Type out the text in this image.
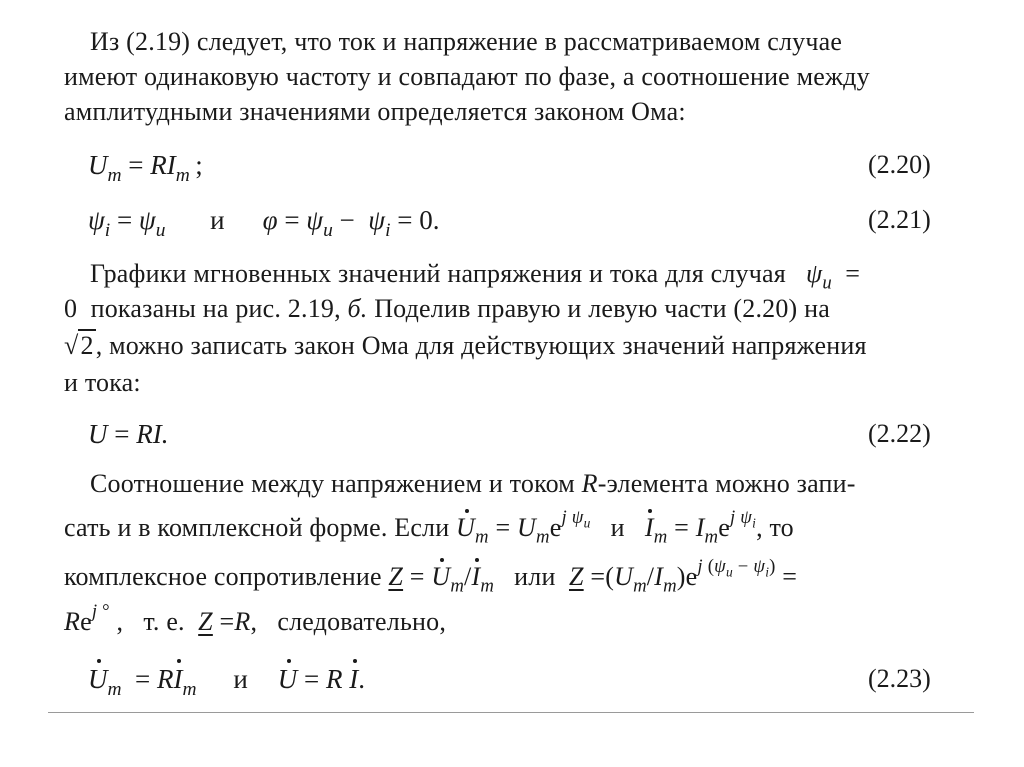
Из (2.19) следует, что ток и напряжение в рассматриваемом случае
имеют одинаковую частоту и совпадают по фазе, а соотношение между
амплитудными значениями определяется законом Ома:
$U_m = RI_m$ ;	(2.20)
$\psi_i = \psi_u$ и $\varphi = \psi_u - \psi_i = 0$.	(2.21)
Графики мгновенных значений напряжения и тока для случая $\psi_u$  =
0 показаны на рис. 2.19, б. Поделив правую и левую части (2.20) на
√2, можно записать закон Ома для действующих значений напряжения
и тока:
U = RI.	(2.22)
Соотношение между напряжением и током R-элемента можно запи-
сать и в комплексной форме. Если $U_m = U_me^{j \psi_u}$ и $I_m = I_me^{j \psi_i}$, то
комплексное сопротивление $Z = U_m/I_m$ или $Z =(U_m/I_m)e^{j (\psi_u - \psi_i)}$ =
$Re^{j ^\circ}$ ,   т. е. Z =R,   следовательно,
$U_m = RI_m$ и U = R I.	(2.23)
